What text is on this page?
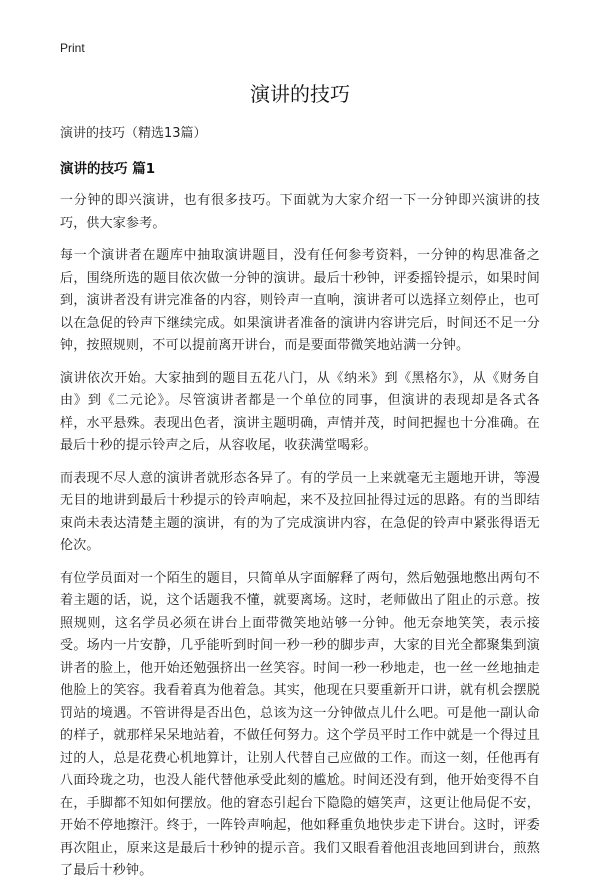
Print
演讲的技巧
演讲的技巧（精选13篇）
演讲的技巧 篇1

一分钟的即兴演讲，也有很多技巧。下面就为大家介绍一下一分钟即兴演讲的技巧，供大家参考。

每一个演讲者在题库中抽取演讲题目，没有任何参考资料，一分钟的构思准备之后，围绕所选的题目依次做一分钟的演讲。最后十秒钟，评委摇铃提示，如果时间到，演讲者没有讲完准备的内容，则铃声一直响，演讲者可以选择立刻停止，也可以在急促的铃声下继续完成。如果演讲者准备的演讲内容讲完后，时间还不足一分钟，按照规则，不可以提前离开讲台，而是要面带微笑地站满一分钟。

演讲依次开始。大家抽到的题目五花八门，从《纳米》到《黑格尔》，从《财务自由》到《二元论》。尽管演讲者都是一个单位的同事，但演讲的表现却是各式各样，水平悬殊。表现出色者，演讲主题明确，声情并茂，时间把握也十分准确。在最后十秒的提示铃声之后，从容收尾，收获满堂喝彩。

而表现不尽人意的演讲者就形态各异了。有的学员一上来就毫无主题地开讲，等漫无目的地讲到最后十秒提示的铃声响起，来不及拉回扯得过远的思路。有的当即结束尚未表达清楚主题的演讲，有的为了完成演讲内容，在急促的铃声中紧张得语无伦次。

有位学员面对一个陌生的题目，只简单从字面解释了两句，然后勉强地憋出两句不着主题的话，说，这个话题我不懂，就要离场。这时，老师做出了阻止的示意。按照规则，这名学员必须在讲台上面带微笑地站够一分钟。他无奈地笑笑，表示接受。场内一片安静，几乎能听到时间一秒一秒的脚步声，大家的目光全都聚集到演讲者的脸上，他开始还勉强挤出一丝笑容。时间一秒一秒地走，也一丝一丝地抽走他脸上的笑容。我看着真为他着急。其实，他现在只要重新开口讲，就有机会摆脱罚站的境遇。不管讲得是否出色，总该为这一分钟做点儿什么吧。可是他一副认命的样子，就那样呆呆地站着，不做任何努力。这个学员平时工作中就是一个得过且过的人，总是花费心机地算计，让别人代替自己应做的工作。而这一刻，任他再有八面玲珑之功，也没人能代替他承受此刻的尴尬。时间还没有到，他开始变得不自在，手脚都不知如何摆放。他的窘态引起台下隐隐的嬉笑声，这更让他局促不安，开始不停地擦汗。终于，一阵铃声响起，他如释重负地快步走下讲台。这时，评委再次阻止，原来这是最后十秒钟的提示音。我们又眼看着他沮丧地回到讲台，煎熬了最后十秒钟。
